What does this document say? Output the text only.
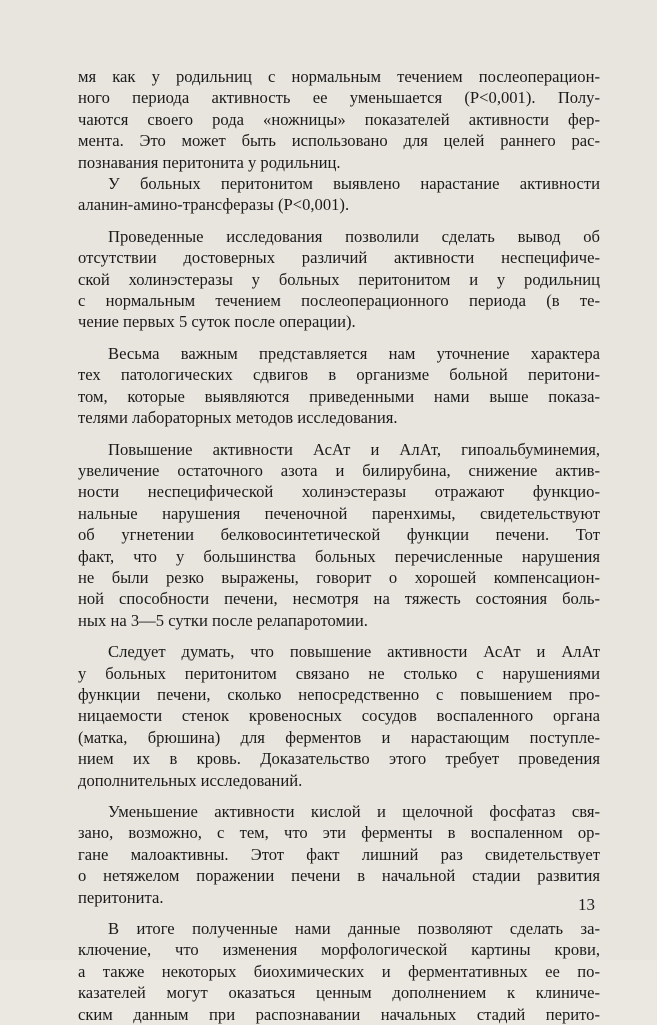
мя как у родильниц с нормальным течением послеоперацион-
ного периода активность ее уменьшается (P<0,001). Полу-
чаются своего рода «ножницы» показателей активности фер-
мента. Это может быть использовано для целей раннего рас-
познавания перитонита у родильниц.

У больных перитонитом выявлено нарастание активности
аланин-амино-трансферазы (P<0,001).

Проведенные исследования позволили сделать вывод об
отсутствии достоверных различий активности неспецифиче-
ской холинэстеразы у больных перитонитом и у родильниц
с нормальным течением послеоперационного периода (в те-
чение первых 5 суток после операции).

Весьма важным представляется нам уточнение характера
тех патологических сдвигов в организме больной перитони-
том, которые выявляются приведенными нами выше показа-
телями лабораторных методов исследования.

Повышение активности АсАт и АлАт, гипоальбуминемия,
увеличение остаточного азота и билирубина, снижение актив-
ности неспецифической холинэстеразы отражают функцио-
нальные нарушения печеночной паренхимы, свидетельствуют
об угнетении белковосинтетической функции печени. Тот
факт, что у большинства больных перечисленные нарушения
не были резко выражены, говорит о хорошей компенсацион-
ной способности печени, несмотря на тяжесть состояния боль-
ных на 3—5 сутки после релапаротомии.

Следует думать, что повышение активности АсАт и АлАт
у больных перитонитом связано не столько с нарушениями
функции печени, сколько непосредственно с повышением про-
ницаемости стенок кровеносных сосудов воспаленного органа
(матка, брюшина) для ферментов и нарастающим поступле-
нием их в кровь. Доказательство этого требует проведения
дополнительных исследований.

Уменьшение активности кислой и щелочной фосфатаз свя-
зано, возможно, с тем, что эти ферменты в воспаленном ор-
гане малоактивны. Этот факт лишний раз свидетельствует
о нетяжелом поражении печени в начальной стадии развития
перитонита.

В итоге полученные нами данные позволяют сделать за-
ключение, что изменения морфологической картины крови,
а также некоторых биохимических и ферментативных ее по-
казателей могут оказаться ценным дополнением к клиниче-
ским данным при распознавании начальных стадий перито-

13
